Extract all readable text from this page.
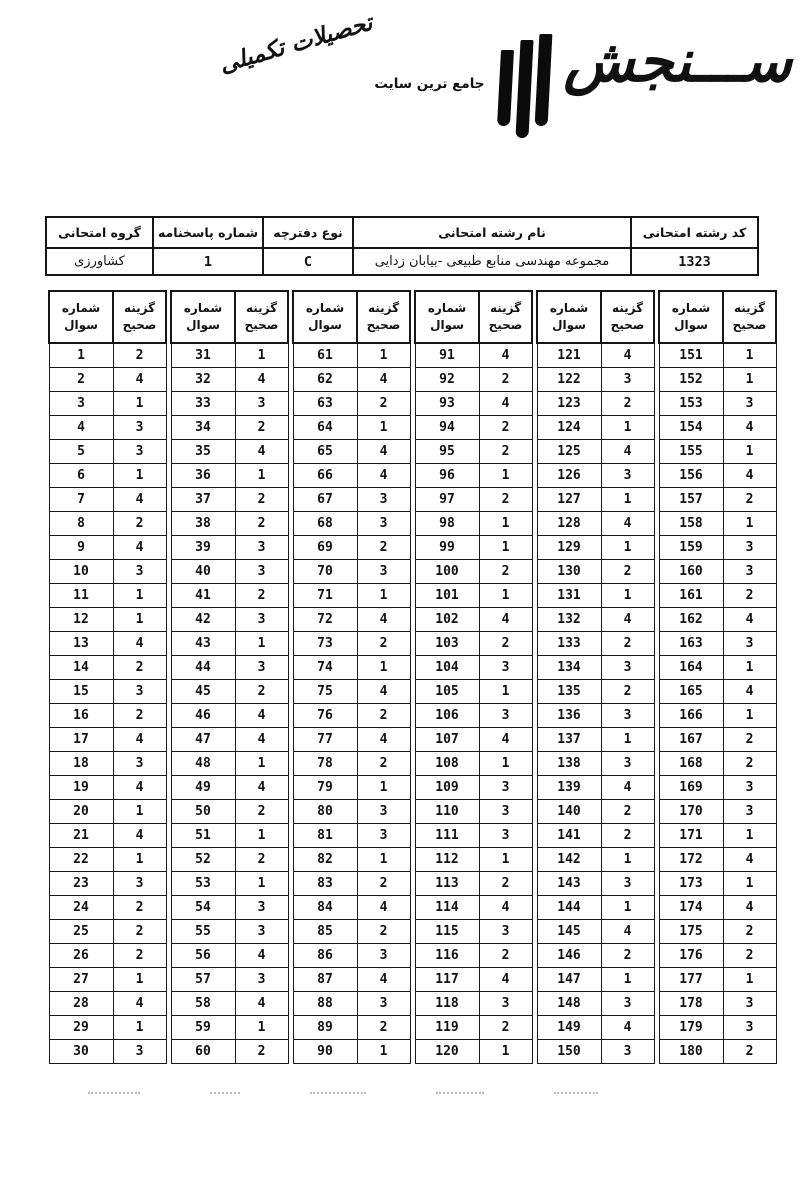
تحصیلات تکمیلی
جامع ترین سایت ســـنجش
گروه امتحانی	شماره پاسخنامه	نوع دفترچه	نام رشته امتحانی	کد رشته امتحانی
کشاورزی	1	C	مجموعه مهندسی منابع طبیعی -بیابان زدایی	1323
شماره سوال	گزینه صحیح
1	2
2	4
3	1
4	3
5	3
6	1
7	4
8	2
9	4
10	3
11	1
12	1
13	4
14	2
15	3
16	2
17	4
18	3
19	4
20	1
21	4
22	1
23	3
24	2
25	2
26	2
27	1
28	4
29	1
30	3
شماره سوال	گزینه صحیح
31	1
32	4
33	3
34	2
35	4
36	1
37	2
38	2
39	3
40	3
41	2
42	3
43	1
44	3
45	2
46	4
47	4
48	1
49	4
50	2
51	1
52	2
53	1
54	3
55	3
56	4
57	3
58	4
59	1
60	2
شماره سوال	گزینه صحیح
61	1
62	4
63	2
64	1
65	4
66	4
67	3
68	3
69	2
70	3
71	1
72	4
73	2
74	1
75	4
76	2
77	4
78	2
79	1
80	3
81	3
82	1
83	2
84	4
85	2
86	3
87	4
88	3
89	2
90	1
شماره سوال	گزینه صحیح
91	4
92	2
93	4
94	2
95	2
96	1
97	2
98	1
99	1
100	2
101	1
102	4
103	2
104	3
105	1
106	3
107	4
108	1
109	3
110	3
111	3
112	1
113	2
114	4
115	3
116	2
117	4
118	3
119	2
120	1
شماره سوال	گزینه صحیح
121	4
122	3
123	2
124	1
125	4
126	3
127	1
128	4
129	1
130	2
131	1
132	4
133	2
134	3
135	2
136	3
137	1
138	3
139	4
140	2
141	2
142	1
143	3
144	1
145	4
146	2
147	1
148	3
149	4
150	3
شماره سوال	گزینه صحیح
151	1
152	1
153	3
154	4
155	1
156	4
157	2
158	1
159	3
160	3
161	2
162	4
163	3
164	1
165	4
166	1
167	2
168	2
169	3
170	3
171	1
172	4
173	1
174	4
175	2
176	2
177	1
178	3
179	3
180	2
